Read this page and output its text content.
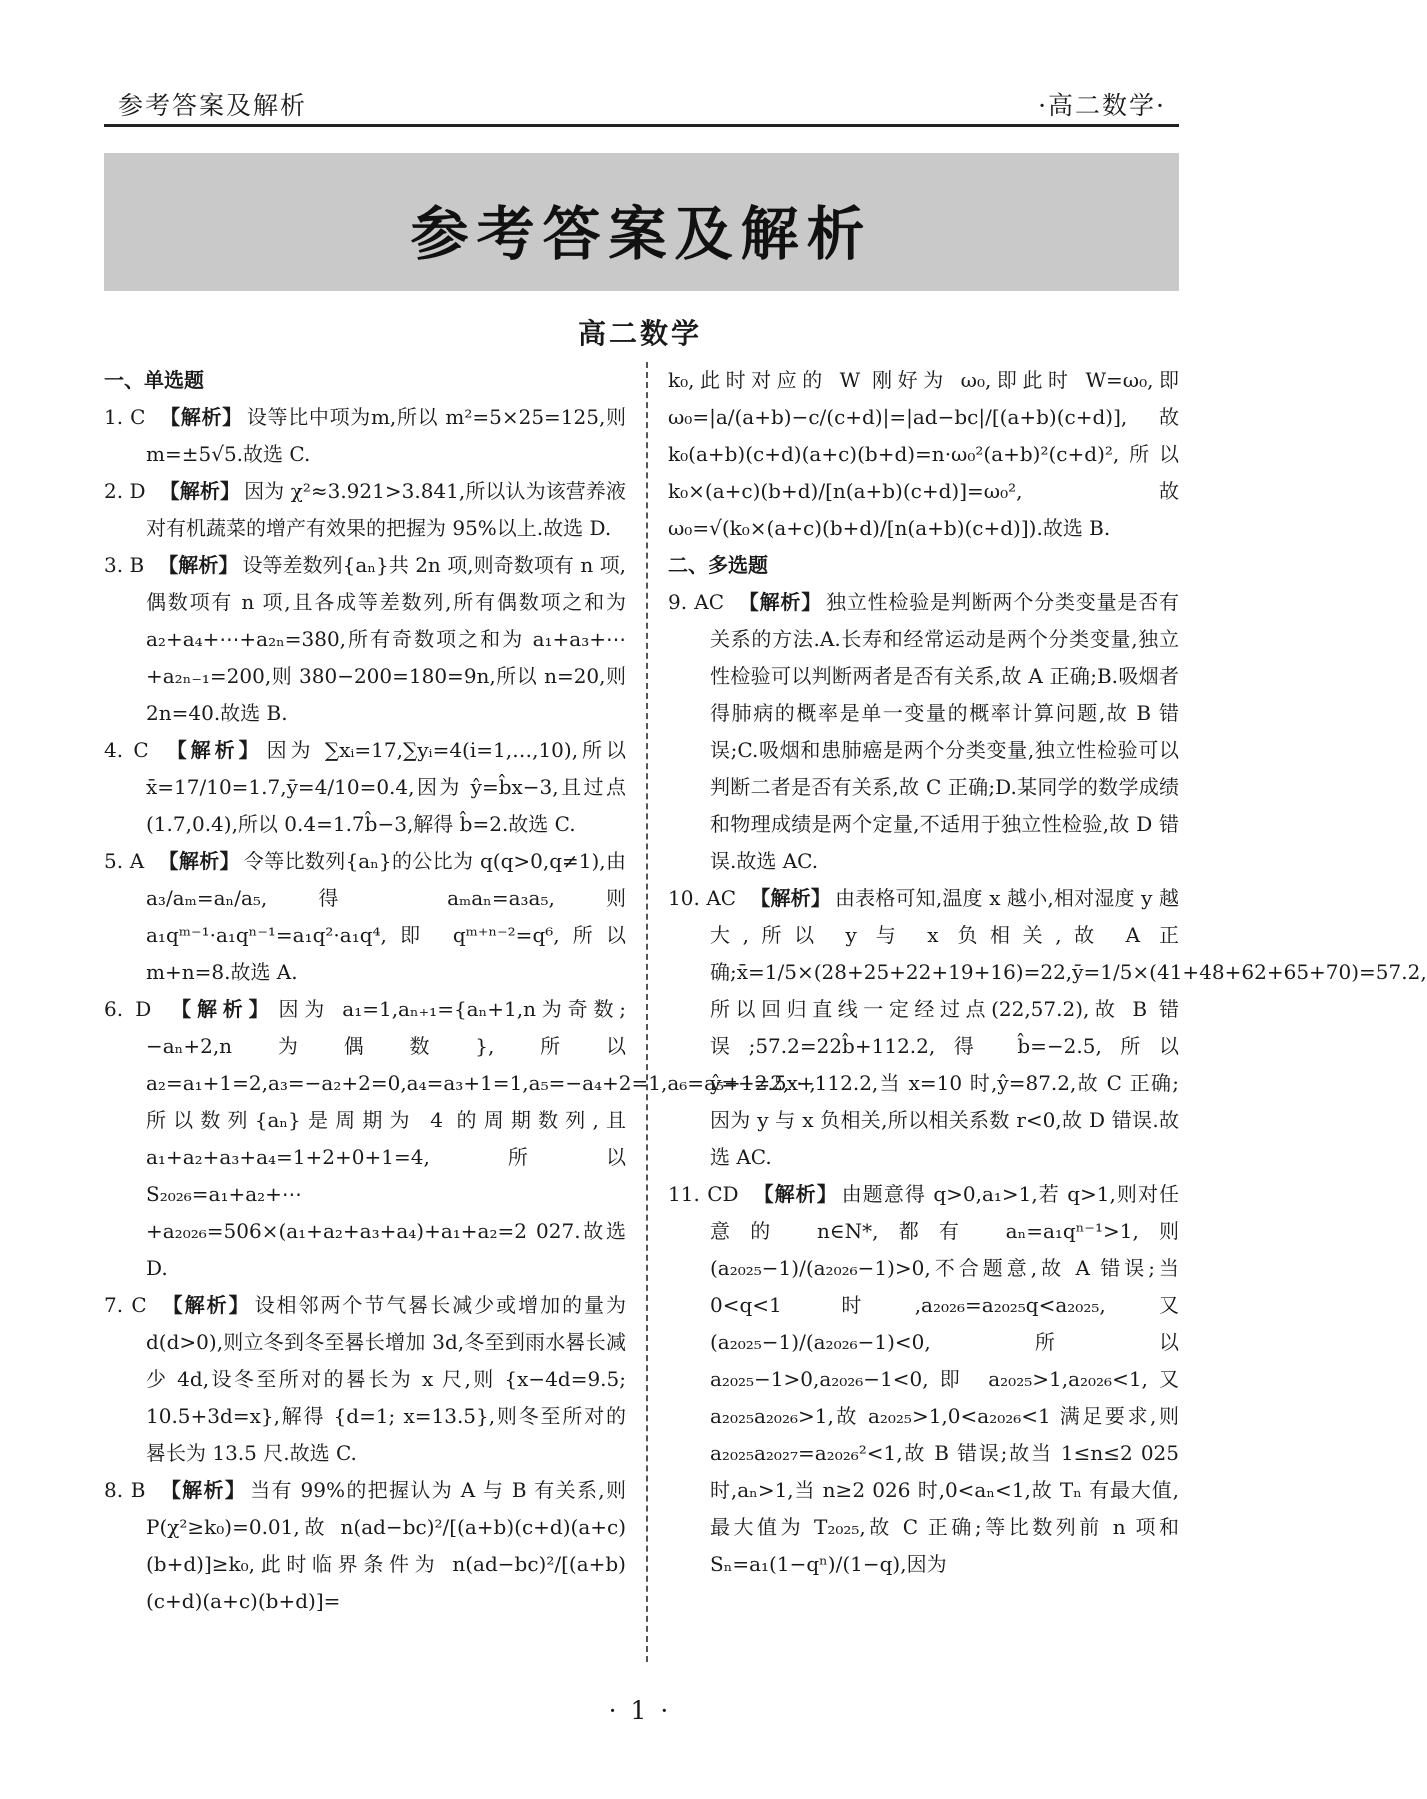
参考答案及解析	·高二数学·
参考答案及解析
高二数学
一、单选题
1. C 【解析】 设等比中项为m,所以 m²=5×25=125,则 m=±5√5.故选 C.
2. D 【解析】 因为 χ²≈3.921>3.841,所以认为该营养液对有机蔬菜的增产有效果的把握为 95%以上.故选 D.
3. B 【解析】 设等差数列{aₙ}共 2n 项,则奇数项有 n 项,偶数项有 n 项,且各成等差数列,所有偶数项之和为 a₂+a₄+⋯+a₂ₙ=380,所有奇数项之和为 a₁+a₃+⋯+a₂ₙ₋₁=200,则 380−200=180=9n,所以 n=20,则 2n=40.故选 B.
4. C 【解析】 因为 ∑xᵢ=17,∑yᵢ=4(i=1,…,10),所以 x̄=17/10=1.7,ȳ=4/10=0.4,因为 ŷ=b̂x−3,且过点(1.7,0.4),所以 0.4=1.7b̂−3,解得 b̂=2.故选 C.
5. A 【解析】 令等比数列{aₙ}的公比为 q(q>0,q≠1),由 a₃/aₘ=aₙ/a₅,得 aₘaₙ=a₃a₅,则 a₁qᵐ⁻¹·a₁qⁿ⁻¹=a₁q²·a₁q⁴,即 qᵐ⁺ⁿ⁻²=q⁶,所以 m+n=8.故选 A.
6. D 【解析】 因为 a₁=1,aₙ₊₁={aₙ+1,n为奇数;−aₙ+2,n为偶数},所以 a₂=a₁+1=2,a₃=−a₂+2=0,a₄=a₃+1=1,a₅=−a₄+2=1,a₆=a₅+1=2,⋯,所以数列{aₙ}是周期为 4 的周期数列,且 a₁+a₂+a₃+a₄=1+2+0+1=4,所以 S₂₀₂₆=a₁+a₂+⋯+a₂₀₂₆=506×(a₁+a₂+a₃+a₄)+a₁+a₂=2 027.故选 D.
7. C 【解析】 设相邻两个节气晷长减少或增加的量为 d(d>0),则立冬到冬至晷长增加 3d,冬至到雨水晷长减少 4d,设冬至所对的晷长为 x 尺,则 {x−4d=9.5; 10.5+3d=x},解得 {d=1; x=13.5},则冬至所对的晷长为 13.5 尺.故选 C.
8. B 【解析】 当有 99%的把握认为 A 与 B 有关系,则 P(χ²≥k₀)=0.01,故 n(ad−bc)²/[(a+b)(c+d)(a+c)(b+d)]≥k₀,此时临界条件为 n(ad−bc)²/[(a+b)(c+d)(a+c)(b+d)]=
k₀,此时对应的 W 刚好为 ω₀,即此时 W=ω₀,即 ω₀=|a/(a+b)−c/(c+d)|=|ad−bc|/[(a+b)(c+d)],故 k₀(a+b)(c+d)(a+c)(b+d)=n·ω₀²(a+b)²(c+d)²,所以 k₀×(a+c)(b+d)/[n(a+b)(c+d)]=ω₀²,故 ω₀=√(k₀×(a+c)(b+d)/[n(a+b)(c+d)]).故选 B.
二、多选题
9. AC 【解析】 独立性检验是判断两个分类变量是否有关系的方法.A.长寿和经常运动是两个分类变量,独立性检验可以判断两者是否有关系,故 A 正确;B.吸烟者得肺病的概率是单一变量的概率计算问题,故 B 错误;C.吸烟和患肺癌是两个分类变量,独立性检验可以判断二者是否有关系,故 C 正确;D.某同学的数学成绩和物理成绩是两个定量,不适用于独立性检验,故 D 错误.故选 AC.
10. AC 【解析】 由表格可知,温度 x 越小,相对湿度 y 越大,所以 y 与 x 负相关,故 A 正确;x̄=1/5×(28+25+22+19+16)=22,ȳ=1/5×(41+48+62+65+70)=57.2,所以回归直线一定经过点(22,57.2),故 B 错误;57.2=22b̂+112.2,得 b̂=−2.5,所以 ŷ=−2.5x+112.2,当 x=10 时,ŷ=87.2,故 C 正确;因为 y 与 x 负相关,所以相关系数 r<0,故 D 错误.故选 AC.
11. CD 【解析】 由题意得 q>0,a₁>1,若 q>1,则对任意的 n∈N*,都有 aₙ=a₁qⁿ⁻¹>1,则 (a₂₀₂₅−1)/(a₂₀₂₆−1)>0,不合题意,故 A 错误;当 0<q<1 时,a₂₀₂₆=a₂₀₂₅q<a₂₀₂₅,又 (a₂₀₂₅−1)/(a₂₀₂₆−1)<0,所以 a₂₀₂₅−1>0,a₂₀₂₆−1<0,即 a₂₀₂₅>1,a₂₀₂₆<1,又 a₂₀₂₅a₂₀₂₆>1,故 a₂₀₂₅>1,0<a₂₀₂₆<1 满足要求,则 a₂₀₂₅a₂₀₂₇=a₂₀₂₆²<1,故 B 错误;故当 1≤n≤2 025 时,aₙ>1,当 n≥2 026 时,0<aₙ<1,故 Tₙ 有最大值,最大值为 T₂₀₂₅,故 C 正确;等比数列前 n 项和 Sₙ=a₁(1−qⁿ)/(1−q),因为
· 1 ·
